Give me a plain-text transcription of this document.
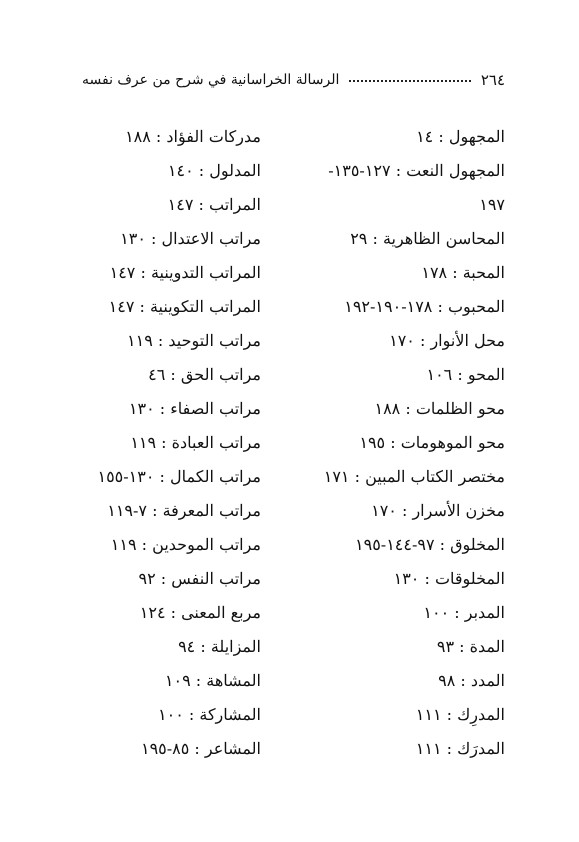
٢٦٤
الرسالة الخراسانية في شرح من عرف نفسه
المجهول : ١٤
المجهول النعت : ١٢٧-١٣٥-
١٩٧
المحاسن الظاهرية : ٢٩
المحبة : ١٧٨
المحبوب : ١٧٨-١٩٠-١٩٢
محل الأنوار : ١٧٠
المحو : ١٠٦
محو الظلمات : ١٨٨
محو الموهومات : ١٩٥
مختصر الكتاب المبين : ١٧١
مخزن الأسرار : ١٧٠
المخلوق : ٩٧-١٤٤-١٩٥
المخلوقات : ١٣٠
المدبر : ١٠٠
المدة : ٩٣
المدد : ٩٨
المدرِك : ١١١
المدرَك : ١١١
مدركات الفؤاد : ١٨٨
المدلول : ١٤٠
المراتب : ١٤٧
مراتب الاعتدال : ١٣٠
المراتب التدوينية : ١٤٧
المراتب التكوينية : ١٤٧
مراتب التوحيد : ١١٩
مراتب الحق : ٤٦
مراتب الصفاء : ١٣٠
مراتب العبادة : ١١٩
مراتب الكمال : ١٣٠-١٥٥
مراتب المعرفة : ٧-١١٩
مراتب الموحدين : ١١٩
مراتب النفس : ٩٢
مربع المعنى : ١٢٤
المزايلة : ٩٤
المشاهة : ١٠٩
المشاركة : ١٠٠
المشاعر : ٨٥-١٩٥
